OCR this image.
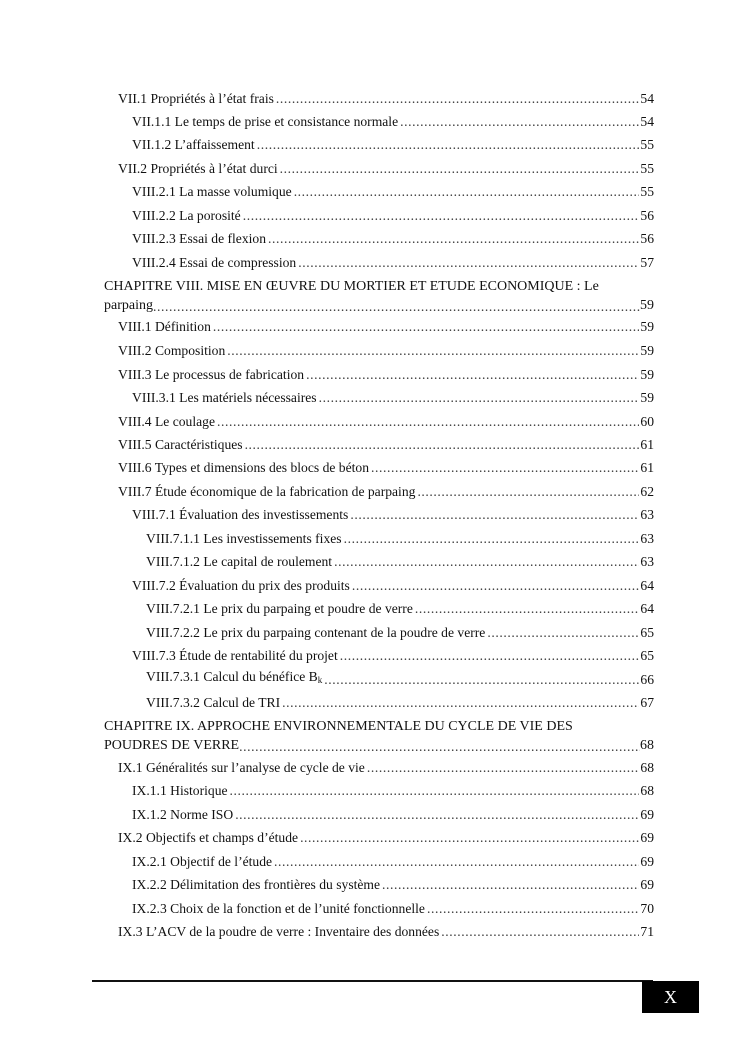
VII.1 Propriétés à l’état frais .....	54
VII.1.1 Le temps de prise et consistance normale .....	54
VII.1.2 L’affaissement .....	55
VII.2 Propriétés à l’état durci .....	55
VIII.2.1 La masse volumique .....	55
VIII.2.2 La porosité .....	56
VIII.2.3 Essai de flexion .....	56
VIII.2.4 Essai de compression .....	57
CHAPITRE VIII. MISE EN ŒUVRE DU MORTIER ET ETUDE ECONOMIQUE : Le
parpaing .....	59
VIII.1 Définition .....	59
VIII.2 Composition .....	59
VIII.3 Le processus de fabrication .....	59
VIII.3.1 Les matériels nécessaires .....	59
VIII.4 Le coulage .....	60
VIII.5 Caractéristiques .....	61
VIII.6 Types et dimensions des blocs de béton .....	61
VIII.7 Étude économique de la fabrication de parpaing .....	62
VIII.7.1 Évaluation des investissements .....	63
VIII.7.1.1 Les investissements fixes .....	63
VIII.7.1.2 Le capital de roulement .....	63
VIII.7.2 Évaluation du prix des produits .....	64
VIII.7.2.1 Le prix du parpaing et poudre de verre .....	64
VIII.7.2.2 Le prix du parpaing contenant de la poudre de verre .....	65
VIII.7.3 Étude de rentabilité du projet .....	65
VIII.7.3.1 Calcul du bénéfice $B_k$ .....	66
VIII.7.3.2 Calcul de TRI .....	67
CHAPITRE IX. APPROCHE ENVIRONNEMENTALE DU CYCLE DE VIE DES
POUDRES DE VERRE .....	68
IX.1 Généralités sur l’analyse de cycle de vie .....	68
IX.1.1 Historique .....	68
IX.1.2 Norme ISO .....	69
IX.2 Objectifs et champs d’étude .....	69
IX.2.1 Objectif de l’étude .....	69
IX.2.2 Délimitation des frontières du système .....	69
IX.2.3 Choix de la fonction et de l’unité fonctionnelle .....	70
IX.3 L’ACV de la poudre de verre : Inventaire des données .....	71
X
